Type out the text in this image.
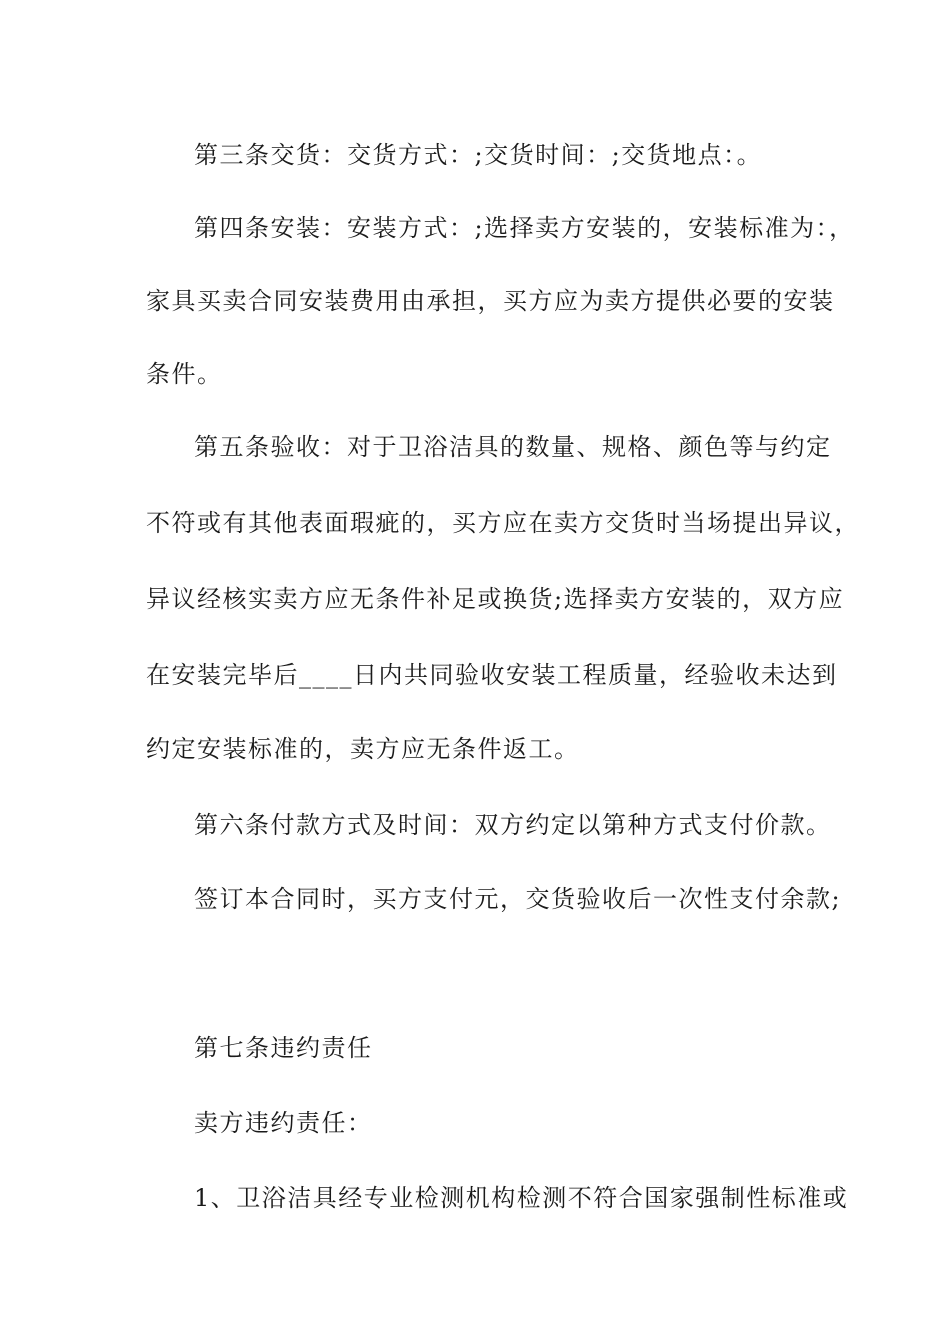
第三条交货：交货方式：;交货时间：;交货地点：。
第四条安装：安装方式：;选择卖方安装的，安装标准为：，
家具买卖合同安装费用由承担，买方应为卖方提供必要的安装
条件。
第五条验收：对于卫浴洁具的数量、规格、颜色等与约定
不符或有其他表面瑕疵的，买方应在卖方交货时当场提出异议，
异议经核实卖方应无条件补足或换货;选择卖方安装的，双方应
在安装完毕后____日内共同验收安装工程质量，经验收未达到
约定安装标准的，卖方应无条件返工。
第六条付款方式及时间：双方约定以第种方式支付价款。
签订本合同时，买方支付元，交货验收后一次性支付余款;
第七条违约责任
卖方违约责任：
1、卫浴洁具经专业检测机构检测不符合国家强制性标准或
